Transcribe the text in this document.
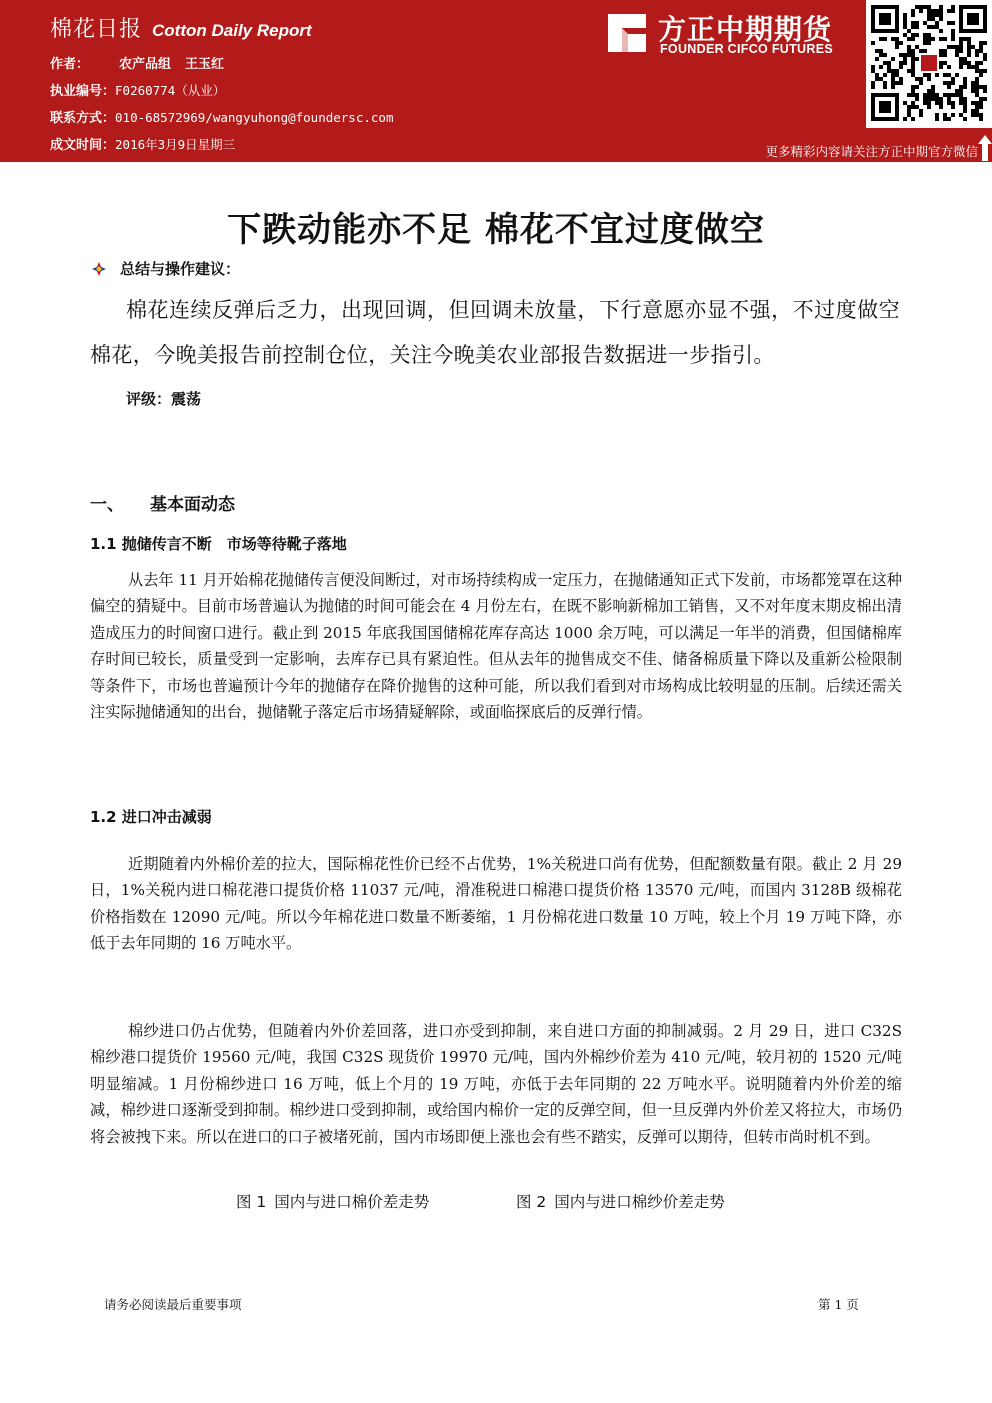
棉花日报 Cotton Daily Report
作者： 农产品组 王玉红
执业编号：F0260774（从业）
联系方式：010-68572969/wangyuhong@foundersc.com
成文时间：2016年3月9日星期三
方正中期期货
FOUNDER CIFCO FUTURES
更多精彩内容请关注方正中期官方微信
下跌动能亦不足 棉花不宜过度做空
总结与操作建议：

棉花连续反弹后乏力，出现回调，但回调未放量，下行意愿亦显不强，不过度做空棉花，今晚美报告前控制仓位，关注今晚美农业部报告数据进一步指引。

评级：震荡
一、 基本面动态
1.1 抛储传言不断　市场等待靴子落地

从去年 11 月开始棉花抛储传言便没间断过，对市场持续构成一定压力，在抛储通知正式下发前，市场都笼罩在这种偏空的猜疑中。目前市场普遍认为抛储的时间可能会在 4 月份左右，在既不影响新棉加工销售，又不对年度末期皮棉出清造成压力的时间窗口进行。截止到 2015 年底我国国储棉花库存高达 1000 余万吨，可以满足一年半的消费，但国储棉库存时间已较长，质量受到一定影响，去库存已具有紧迫性。但从去年的抛售成交不佳、储备棉质量下降以及重新公检限制等条件下，市场也普遍预计今年的抛储存在降价抛售的这种可能，所以我们看到对市场构成比较明显的压制。后续还需关注实际抛储通知的出台，抛储靴子落定后市场猜疑解除，或面临探底后的反弹行情。

1.2 进口冲击减弱

近期随着内外棉价差的拉大，国际棉花性价已经不占优势，1%关税进口尚有优势，但配额数量有限。截止 2 月 29 日，1%关税内进口棉花港口提货价格 11037 元/吨，滑准税进口棉港口提货价格 13570 元/吨，而国内 3128B 级棉花价格指数在 12090 元/吨。所以今年棉花进口数量不断萎缩，1 月份棉花进口数量 10 万吨，较上个月 19 万吨下降，亦低于去年同期的 16 万吨水平。

棉纱进口仍占优势，但随着内外价差回落，进口亦受到抑制，来自进口方面的抑制减弱。2 月 29 日，进口 C32S 棉纱港口提货价 19560 元/吨，我国 C32S 现货价 19970 元/吨，国内外棉纱价差为 410 元/吨，较月初的 1520 元/吨明显缩减。1 月份棉纱进口 16 万吨，低上个月的 19 万吨，亦低于去年同期的 22 万吨水平。说明随着内外价差的缩减，棉纱进口逐渐受到抑制。棉纱进口受到抑制，或给国内棉价一定的反弹空间，但一旦反弹内外价差又将拉大，市场仍将会被拽下来。所以在进口的口子被堵死前，国内市场即便上涨也会有些不踏实，反弹可以期待，但转市尚时机不到。

图 1 国内与进口棉价差走势	图 2 国内与进口棉纱价差走势
请务必阅读最后重要事项	第 1 页
